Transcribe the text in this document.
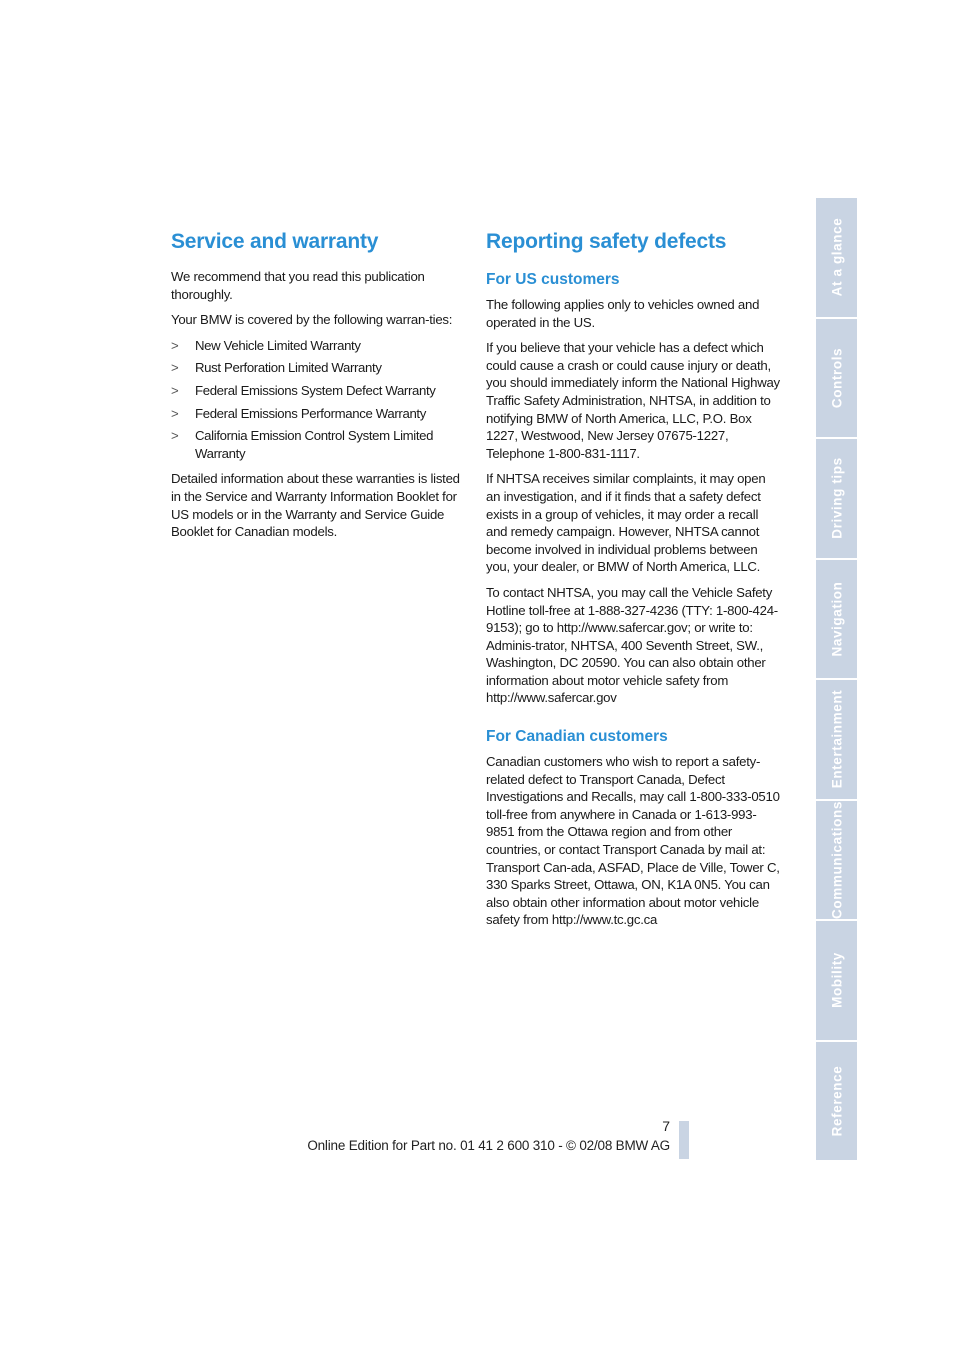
Service and warranty

We recommend that you read this publication thoroughly.

Your BMW is covered by the following warran-ties:

> New Vehicle Limited Warranty
> Rust Perforation Limited Warranty
> Federal Emissions System Defect Warranty
> Federal Emissions Performance Warranty
> California Emission Control System Limited Warranty

Detailed information about these warranties is listed in the Service and Warranty Information Booklet for US models or in the Warranty and Service Guide Booklet for Canadian models.

Reporting safety defects
For US customers

The following applies only to vehicles owned and operated in the US.

If you believe that your vehicle has a defect which could cause a crash or could cause injury or death, you should immediately inform the National Highway Traffic Safety Administration, NHTSA, in addition to notifying BMW of North America, LLC, P.O. Box 1227, Westwood, New Jersey 07675-1227, Telephone 1-800-831-1117.

If NHTSA receives similar complaints, it may open an investigation, and if it finds that a safety defect exists in a group of vehicles, it may order a recall and remedy campaign. However, NHTSA cannot become involved in individual problems between you, your dealer, or BMW of North America, LLC.

To contact NHTSA, you may call the Vehicle Safety Hotline toll-free at 1-888-327-4236 (TTY: 1-800-424-9153); go to http://www.safercar.gov; or write to: Adminis-trator, NHTSA, 400 Seventh Street, SW., Washington, DC 20590. You can also obtain other information about motor vehicle safety from http://www.safercar.gov

For Canadian customers

Canadian customers who wish to report a safety-related defect to Transport Canada, Defect Investigations and Recalls, may call 1-800-333-0510 toll-free from anywhere in Canada or 1-613-993-9851 from the Ottawa region and from other countries, or contact Transport Canada by mail at: Transport Can-ada, ASFAD, Place de Ville, Tower C, 330 Sparks Street, Ottawa, ON, K1A 0N5. You can also obtain other information about motor vehicle safety from http://www.tc.gc.ca

At a glance
Controls
Driving tips
Navigation
Entertainment
Communications
Mobility
Reference
7
Online Edition for Part no. 01 41 2 600 310 - © 02/08 BMW AG
